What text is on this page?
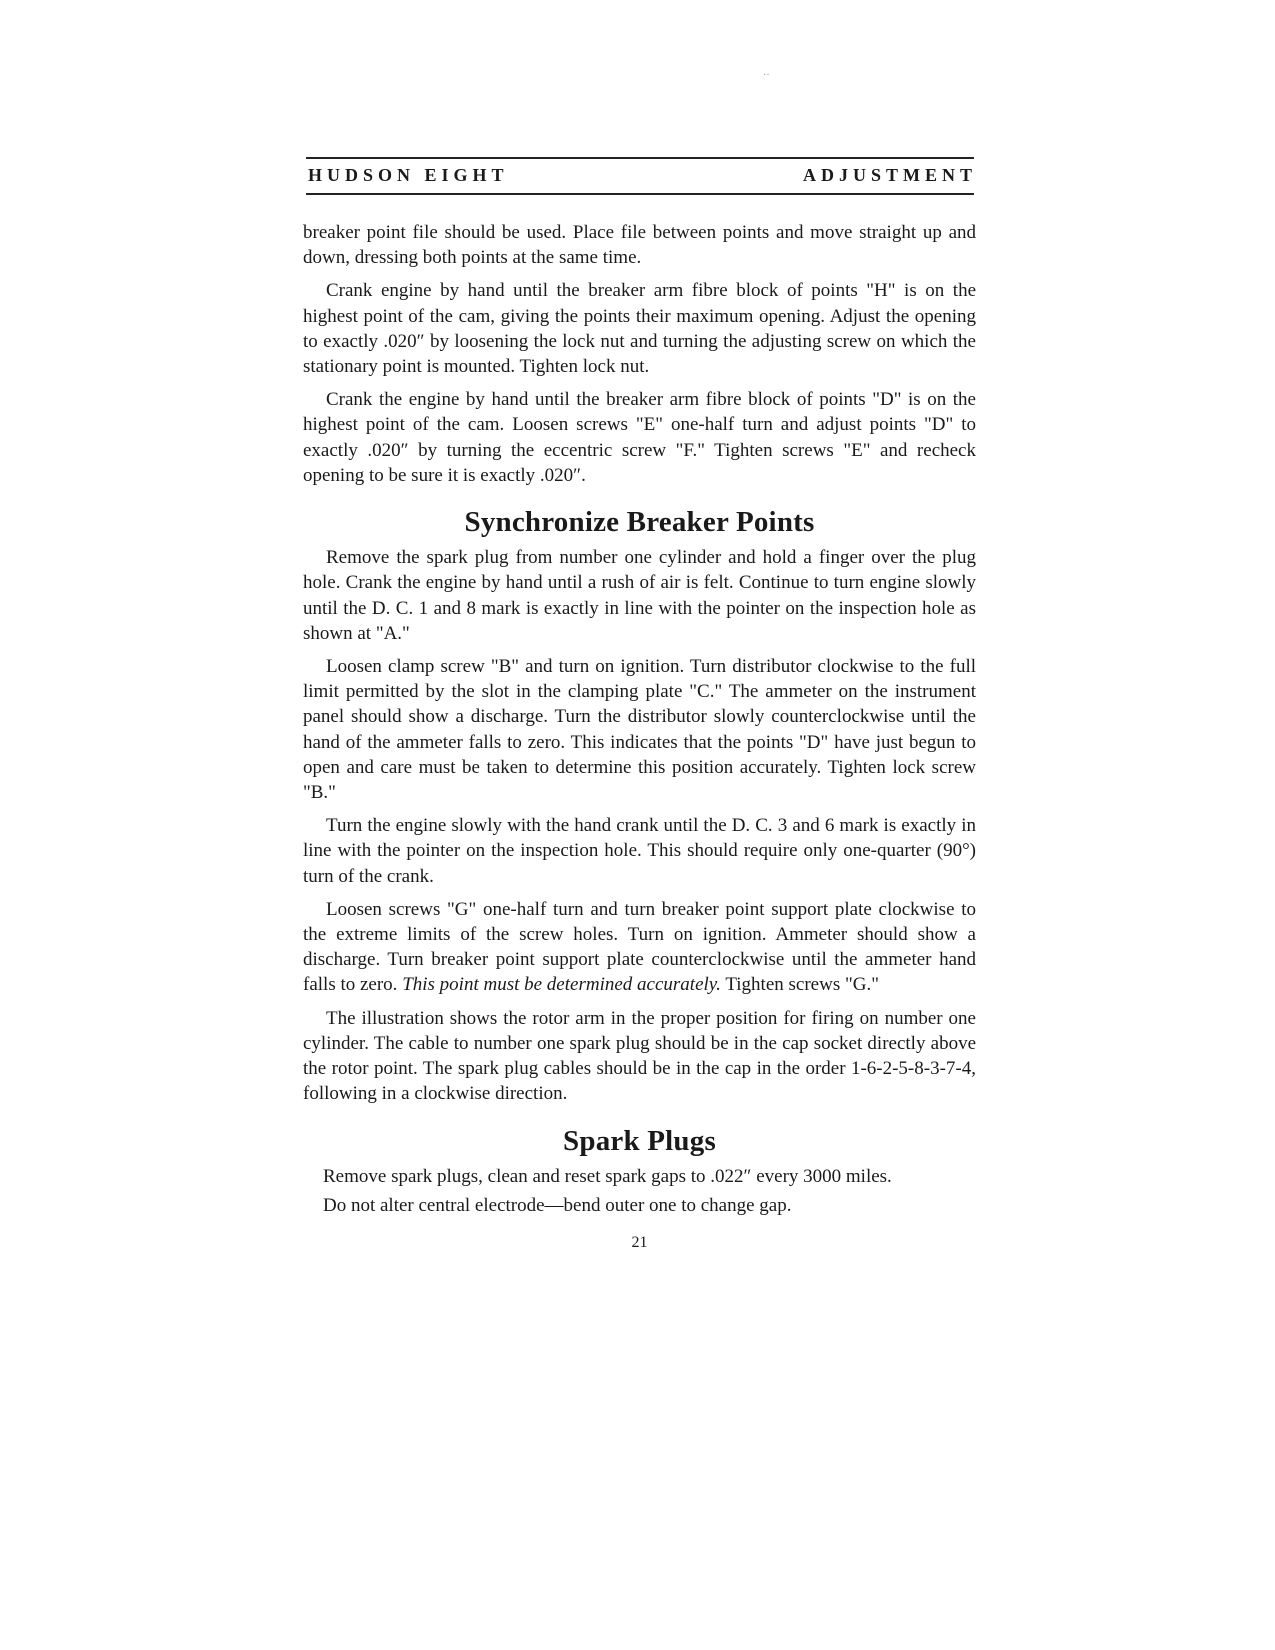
··
HUDSON EIGHT	ADJUSTMENT

breaker point file should be used. Place file between points and move straight up and down, dressing both points at the same time.

Crank engine by hand until the breaker arm fibre block of points "H" is on the highest point of the cam, giving the points their maximum opening. Adjust the opening to exactly .020″ by loosening the lock nut and turning the adjusting screw on which the stationary point is mounted. Tighten lock nut.

Crank the engine by hand until the breaker arm fibre block of points "D" is on the highest point of the cam. Loosen screws "E" one-half turn and adjust points "D" to exactly .020″ by turning the eccentric screw "F." Tighten screws "E" and recheck opening to be sure it is exactly .020″.

Synchronize Breaker Points

Remove the spark plug from number one cylinder and hold a finger over the plug hole. Crank the engine by hand until a rush of air is felt. Continue to turn engine slowly until the D. C. 1 and 8 mark is exactly in line with the pointer on the inspection hole as shown at "A."

Loosen clamp screw "B" and turn on ignition. Turn distributor clockwise to the full limit permitted by the slot in the clamping plate "C." The ammeter on the instrument panel should show a discharge. Turn the distributor slowly counterclockwise until the hand of the ammeter falls to zero. This indicates that the points "D" have just begun to open and care must be taken to determine this position accurately. Tighten lock screw "B."

Turn the engine slowly with the hand crank until the D. C. 3 and 6 mark is exactly in line with the pointer on the inspection hole. This should require only one-quarter (90°) turn of the crank.

Loosen screws "G" one-half turn and turn breaker point support plate clockwise to the extreme limits of the screw holes. Turn on ignition. Ammeter should show a discharge. Turn breaker point support plate counterclockwise until the ammeter hand falls to zero. This point must be determined accurately. Tighten screws "G."

The illustration shows the rotor arm in the proper position for firing on number one cylinder. The cable to number one spark plug should be in the cap socket directly above the rotor point. The spark plug cables should be in the cap in the order 1-6-2-5-8-3-7-4, following in a clockwise direction.

Spark Plugs

Remove spark plugs, clean and reset spark gaps to .022″ every 3000 miles.

Do not alter central electrode—bend outer one to change gap.

21
